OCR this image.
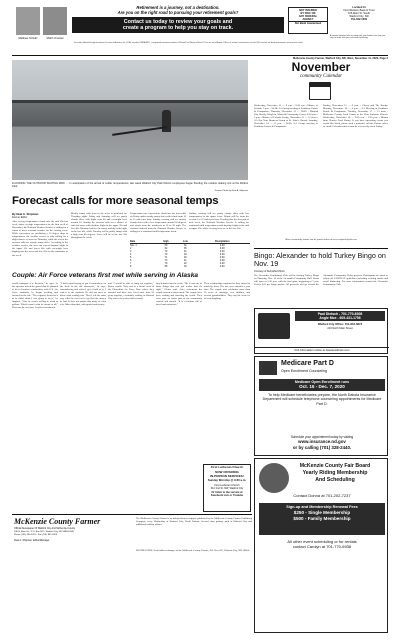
Matthew Schultz	Shiloh Oneisen
Retirement is a journey, not a destination.
Are you on the right road to pursuing your retirement goals?
Contact us today to review your goals and
create a program to help you stay on track.
NOT INSURED
BY FDIC OR
ANY FEDERAL
AGENCY
Not Bank Guaranteed
Located At
First Western Bank & Trust
105 Main St. South
Watford City, ND
701-842-1600
Securities offered through Investment Centers of America, Inc. (ICA), member FINRA/SIPC, a registered investment adviser. ICA and First Western Bank & Trust are not affiliated. ICA is not a bank. Investments are not FDIC insured, not bank guaranteed, and may lose value.
A second financial plan meeting with your banker can help you stay on track with your retirement planning.
McKenzie County Farmer, Watford City, ND, Wed., November 11, 2020, Page 3
FLOODING THE OUTDOOR SKATING RINK … In anticipation of the arrival of colder temperatures, last week Watford City Park District employees began flooding the outdoor skating rink at the Rollers Park.
Farmer Photo by Neal A. Shipman
Forecast calls for more seasonal temps
By Neal A. Shipman
Farmer Editor
After seeing temperatures climb into the mid 60s last week, above average temperatures for the first week of November, the National Weather Service is calling for a return of more seasonal weather for the coming week. While forecasters are predicting a 20 degree drop in temperatures, the weather service is only calling for a slight chance of snow on Thursday, while the rest of the forecast calls for mostly sunny skies. According to the weather service, the area can expect daytime highs in the upper 30s and lower 40s with overnight lows dipping into the teens and low 20s for the remainder of the week.
Mostly sunny with lows in the teens is predicted for Thursday night. Friday and Saturday will see partly cloudy skies with highs near 40 and overnight lows around 20. Sunday the forecast calls for a chance of rain and snow with daytime highs in the upper 30s and low 40s. Monday looks to be sunny and dry with highs in the low 40s, while Tuesday will be partly sunny with a high near 40 degrees. Lows will be in the low 20s throughout the week.
Temperatures are expected to climb into the lower 40s on Friday under mostly sunny skies with winds from 10 to 15 miles per hour. Sunday evening will see mostly cloudy skies with a low temperature around 16 degrees and winds from the northwest at 10 to 20 mph. The seasonal outlook from the National Weather Service is calling for a continued mild temperature trend.
Date	High	Low	Precipitation
Nov. 1	60	31	0.00
2	62	35	0.00
3	72	41	0.00
4	70	43	0.00
5	71	40	0.00
6	73	41	0.00
7	70	42	0.00
8	58	32	0.00
Sunday evening will see partly cloudy skies with low temperatures in the upper teens. Winds will be from the west at 5 to 10 miles per hour. Heading into the first part of next week, the National Weather Service is calling for continued mild temperatures with daytime highs in the mid to upper 50s, while evening lows are in the low 20s.
November
community Calendar
Wednesday, November 11 — 8 a.m. - 8:30 a.m. Alliance of Friends. 7 p.m. - 24-Hr. AA Group meeting at Fruitbone Prairie & Companion. Thursday, November 12 — TOPS - Watford City Weekly Weigh in, Warfield Community Center. 6:30 p.m. - 5 p.m. Alliance of Friends. Friday, November 13 — 12 noon - AA Not Your Business Group at St. John's Church. Saturday, November 14 — 6 p.m. - 24-Hr AA Group meeting at Fruitbone Prairie & Companion.
Sunday, November 15 — 6 p.m. - Cherry and The Knotty. Monday, November 16 — 6 p.m. - AA Meeting at Fruitbone Prairie & Companion. Tuesday, November 17 — 12 noon - McKenzie County Food Pantry at the First Lutheran Church. Wednesday, November 18 — 9:30 a.m. - 1:30 p.m. - Manna from Heaven Food Pantry. If you have upcoming events you would like listed, please send a postcard, call the Farmer office or email. Calendar entries must be received by noon Friday.
More community events can be found online at www.watfordcitynd.com
Bingo: Alexander to hold Turkey Bingo on Nov. 19
Courtesy of Submitted Photo
The Alexander Community Club will be hosting Turkey Bingo on Thursday, Nov. 19 at the Alexander Community Hall. Doors will open at 5:30 p.m. with the first game beginning at 7 p.m. Cost is $15 per bingo packet. All proceeds will go toward the Alexander Community Club's projects. Participants are asked to follow all COVID-19 guidelines including wearing masks and social distancing. For more information contact the Alexander Community Club.
Couple: Air Force veterans first met while serving in Alaska
would transport it to Reunion," he says. As the operator mixed the gravel that he planned to do to location construction with U.S. Air Force contracts, he began working and focused on the site. "The engineer looked at it as he didn't think I was going to do it," he laughed. "Like he wasn't willing to work in gallons. Which wasn't what he meant at all." That was the one time I really remembered.
"I don't mind having to put it somewhere on the shelf in the old classroom," he says, remembering and when I got a hold of it, I read it to the students. He did not need to know what reading was. Then I felt the same way when he went on to say that the money he had. It does not matter that many of what it is. Other than that, with grades and money.
and "I would be able to hang out together," Karen recalls. They met at a social event at the Elmendorf Air Force Base where they married and have now lived more than 50 years together, eventually settling in Watford City where they raised their family.
they'd started for the work. "Oh, it was one of those things that you just realize that it's right," Cletus said. After retirement the couple moved to their ranch. The couple have been visiting and traveling the world. They were once an active part of the community council and church. "It is a lifetime full of travel and memories."
Their relationship continued as they stayed in touch by letter. The two were married a year later. The couple now celebrates more than 50 years of marriage, two children, and several grandchildren. They say the secret is to keep laughing.
First Lutheran Church
NOW OFFERING
IN-PERSON SERVICES!
Sunday Worship @ 9:30 a.m.
First Lutheran Church
312 2nd St. NW, Watford City
Or listen to the service at
Facebook Live or Youtube
Paul Dietsch - 701-770-8308
Angie Moe - 605-431-1756
Watford City Office: 701-842-6973
210 North Main Street
Full information online at baseleveltown.com
Medicare Part D
Open Enrollment Counseling
Medicare Open Enrollment runs
Oct. 15 - Dec. 7, 2020
To help Medicare beneficiaries prepare, the North Dakota Insurance Department will schedule telephone counseling appointments for Medicare Part D.
Schedule your appointment today by visiting
www.insurance.nd.gov
or by calling (701) 328-2440.
McKenzie County Fair Board
Yearly Riding Membership
And Scheduling
Contact Donna at 701-202-7237
Sign-up and Membership Renewal Fees
$250 - Single Membership
$500 - Family Membership
All other event scheduling or for rentals
contact Carolyn at 701-770-6938
McKenzie County Farmer
Official Newspaper Of Watford City And McKenzie County
108 N. Main St. • P.O. Box 587 • Watford City, ND 58854-0587
Phone (701) 444-3321 • Fax (701) 842-6323
Neal A. Shipman, Editor/Manager
The McKenzie County Farmer is an independent newspaper published by the McKenzie County Farmer Publishing Company every Wednesday at Watford City, North Dakota. Second class postage paid at Watford City and additional mailing offices.
POSTMASTER: Send address changes to the McKenzie County Farmer, P.O. Box 587, Watford City, ND 58854.
